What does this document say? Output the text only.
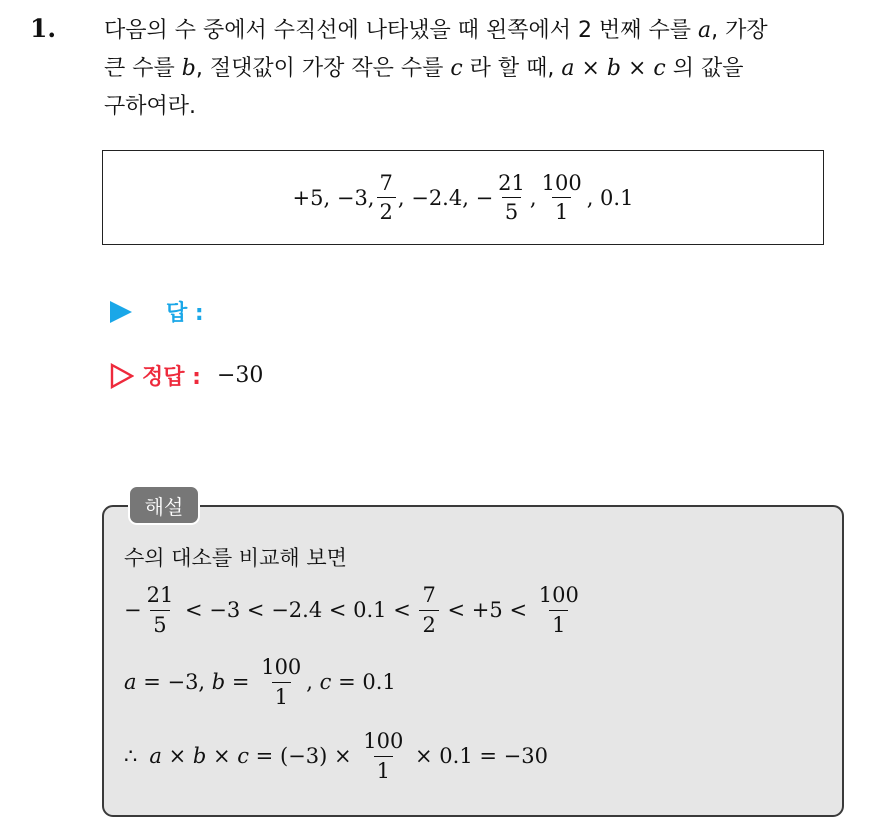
1. 다음의 수 중에서 수직선에 나타냈을 때 왼쪽에서 2 번째 수를 a, 가장
큰 수를 b, 절댓값이 가장 작은 수를 c 라 할 때, a × b × c 의 값을
구하여라.
+5, −3, $\frac{7}{2}$ , −2.4, − $\frac{21}{5}$ , $\frac{100}{1}$ , 0.1
답 :
정답 : −30
해설
수의 대소를 비교해 보면
− $\frac{21}{5} < -3 < -2.4 < 0.1 < \frac{7}{2} < +5 < \frac{100}{1}$
a = −3, $b = \frac{100}{1}$ , c = 0.1
∴ $a \times b \times c = (-3) \times \frac{100}{1} \times 0.1 = -30$
